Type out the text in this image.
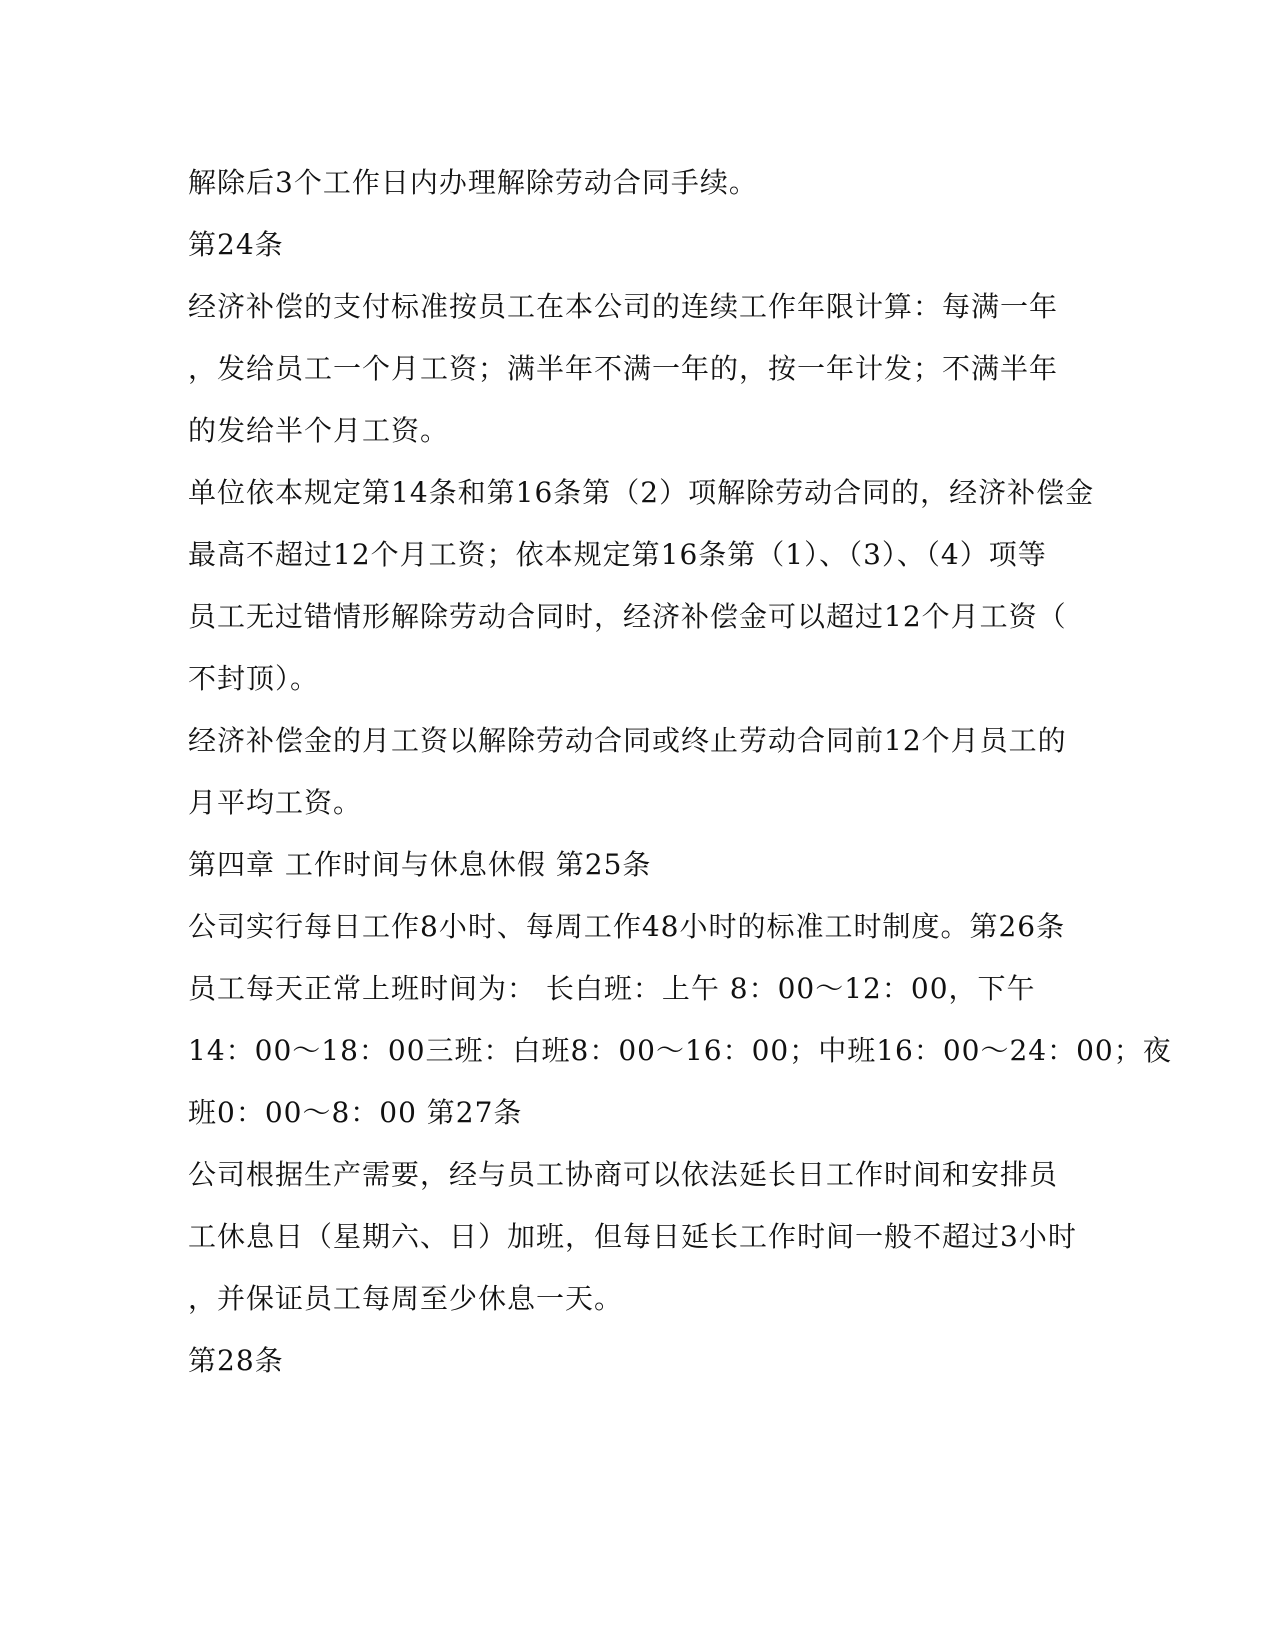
解除后3个工作日内办理解除劳动合同手续。
第24条
经济补偿的支付标准按员工在本公司的连续工作年限计算：每满一年
，发给员工一个月工资；满半年不满一年的，按一年计发；不满半年
的发给半个月工资。
单位依本规定第14条和第16条第（2）项解除劳动合同的，经济补偿金
最高不超过12个月工资；依本规定第16条第（1）、（3）、（4）项等
员工无过错情形解除劳动合同时，经济补偿金可以超过12个月工资（
不封顶）。
经济补偿金的月工资以解除劳动合同或终止劳动合同前12个月员工的
月平均工资。
第四章 工作时间与休息休假 第25条
公司实行每日工作8小时、每周工作48小时的标准工时制度。第26条
员工每天正常上班时间为： 长白班：上午 8：00～12：00，下午
14：00～18：00三班：白班8：00～16：00；中班16：00～24：00；夜
班0：00～8：00 第27条
公司根据生产需要，经与员工协商可以依法延长日工作时间和安排员
工休息日（星期六、日）加班，但每日延长工作时间一般不超过3小时
，并保证员工每周至少休息一天。
第28条
